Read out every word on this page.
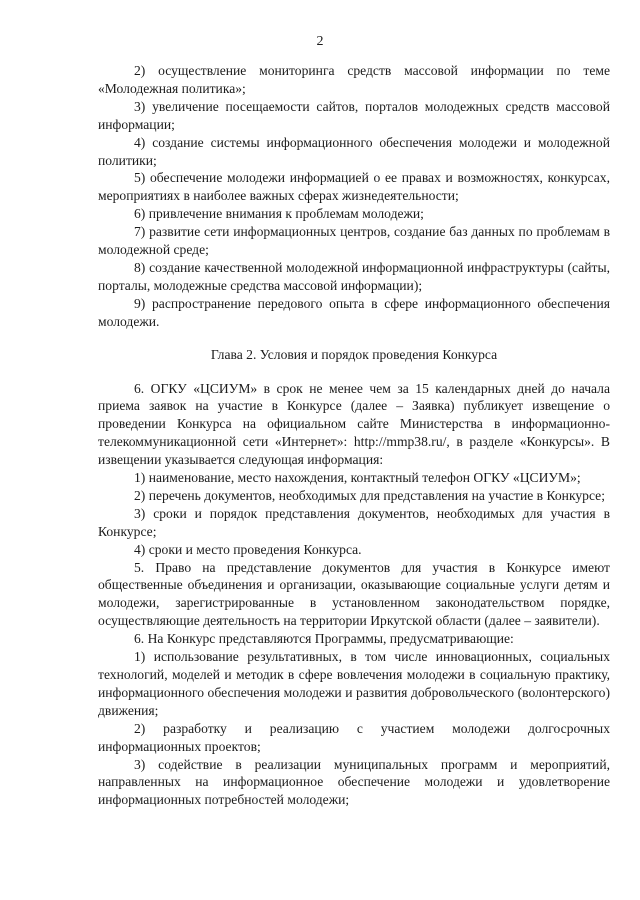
2

2) осуществление мониторинга средств массовой информации по теме «Молодежная политика»;

3) увеличение посещаемости сайтов, порталов молодежных средств массовой информации;

4) создание системы информационного обеспечения молодежи и молодежной политики;

5) обеспечение молодежи информацией о ее правах и возможностях, конкурсах, мероприятиях в наиболее важных сферах жизнедеятельности;

6) привлечение внимания к проблемам молодежи;

7) развитие сети информационных центров, создание баз данных по проблемам в молодежной среде;

8) создание качественной молодежной информационной инфраструктуры (сайты, порталы, молодежные средства массовой информации);

9) распространение передового опыта в сфере информационного обеспечения молодежи.

Глава 2. Условия и порядок проведения Конкурса

6. ОГКУ «ЦСИУМ» в срок не менее чем за 15 календарных дней до начала приема заявок на участие в Конкурсе (далее – Заявка) публикует извещение о проведении Конкурса на официальном сайте Министерства в информационно-телекоммуникационной сети «Интернет»: http://mmp38.ru/, в разделе «Конкурсы». В извещении указывается следующая информация:

1) наименование, место нахождения, контактный телефон ОГКУ «ЦСИУМ»;

2) перечень документов, необходимых для представления на участие в Конкурсе;

3) сроки и порядок представления документов, необходимых для участия в Конкурсе;

4) сроки и место проведения Конкурса.

5. Право на представление документов для участия в Конкурсе имеют общественные объединения и организации, оказывающие социальные услуги детям и молодежи, зарегистрированные в установленном законодательством порядке, осуществляющие деятельность на территории Иркутской области (далее – заявители).

6. На Конкурс представляются Программы, предусматривающие:

1) использование результативных, в том числе инновационных, социальных технологий, моделей и методик в сфере вовлечения молодежи в социальную практику, информационного обеспечения молодежи и развития добровольческого (волонтерского) движения;

2) разработку и реализацию с участием молодежи долгосрочных информационных проектов;

3) содействие в реализации муниципальных программ и мероприятий, направленных на информационное обеспечение молодежи и удовлетворение информационных потребностей молодежи;
